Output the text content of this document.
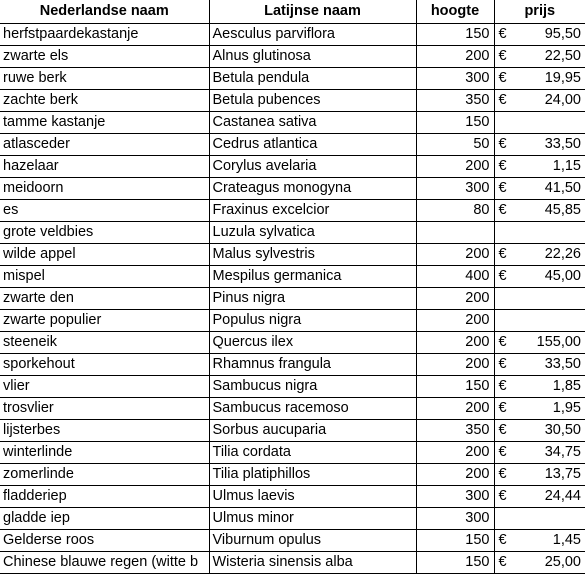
Nederlandse naam	Latijnse naam	hoogte	prijs	
herfstpaardekastanje	Aesculus parviflora	150	€	95,50
zwarte els	Alnus glutinosa	200	€	22,50
ruwe berk	Betula pendula	300	€	19,95
zachte berk	Betula pubences	350	€	24,00
tamme kastanje	Castanea sativa	150		
atlasceder	Cedrus atlantica	50	€	33,50
hazelaar	Corylus avelaria	200	€	1,15
meidoorn	Crateagus monogyna	300	€	41,50
es	Fraxinus excelcior	80	€	45,85
grote veldbies	Luzula sylvatica			
wilde appel	Malus sylvestris	200	€	22,26
mispel	Mespilus germanica	400	€	45,00
zwarte den	Pinus nigra	200		
zwarte populier	Populus nigra	200		
steeneik	Quercus ilex	200	€	155,00
sporkehout	Rhamnus frangula	200	€	33,50
vlier	Sambucus nigra	150	€	1,85
trosvlier	Sambucus racemoso	200	€	1,95
lijsterbes	Sorbus aucuparia	350	€	30,50
winterlinde	Tilia cordata	200	€	34,75
zomerlinde	Tilia platiphillos	200	€	13,75
fladderiep	Ulmus laevis	300	€	24,44
gladde iep	Ulmus minor	300		
Gelderse roos	Viburnum opulus	150	€	1,45
Chinese blauwe regen (witte b	Wisteria sinensis alba	150	€	25,00
